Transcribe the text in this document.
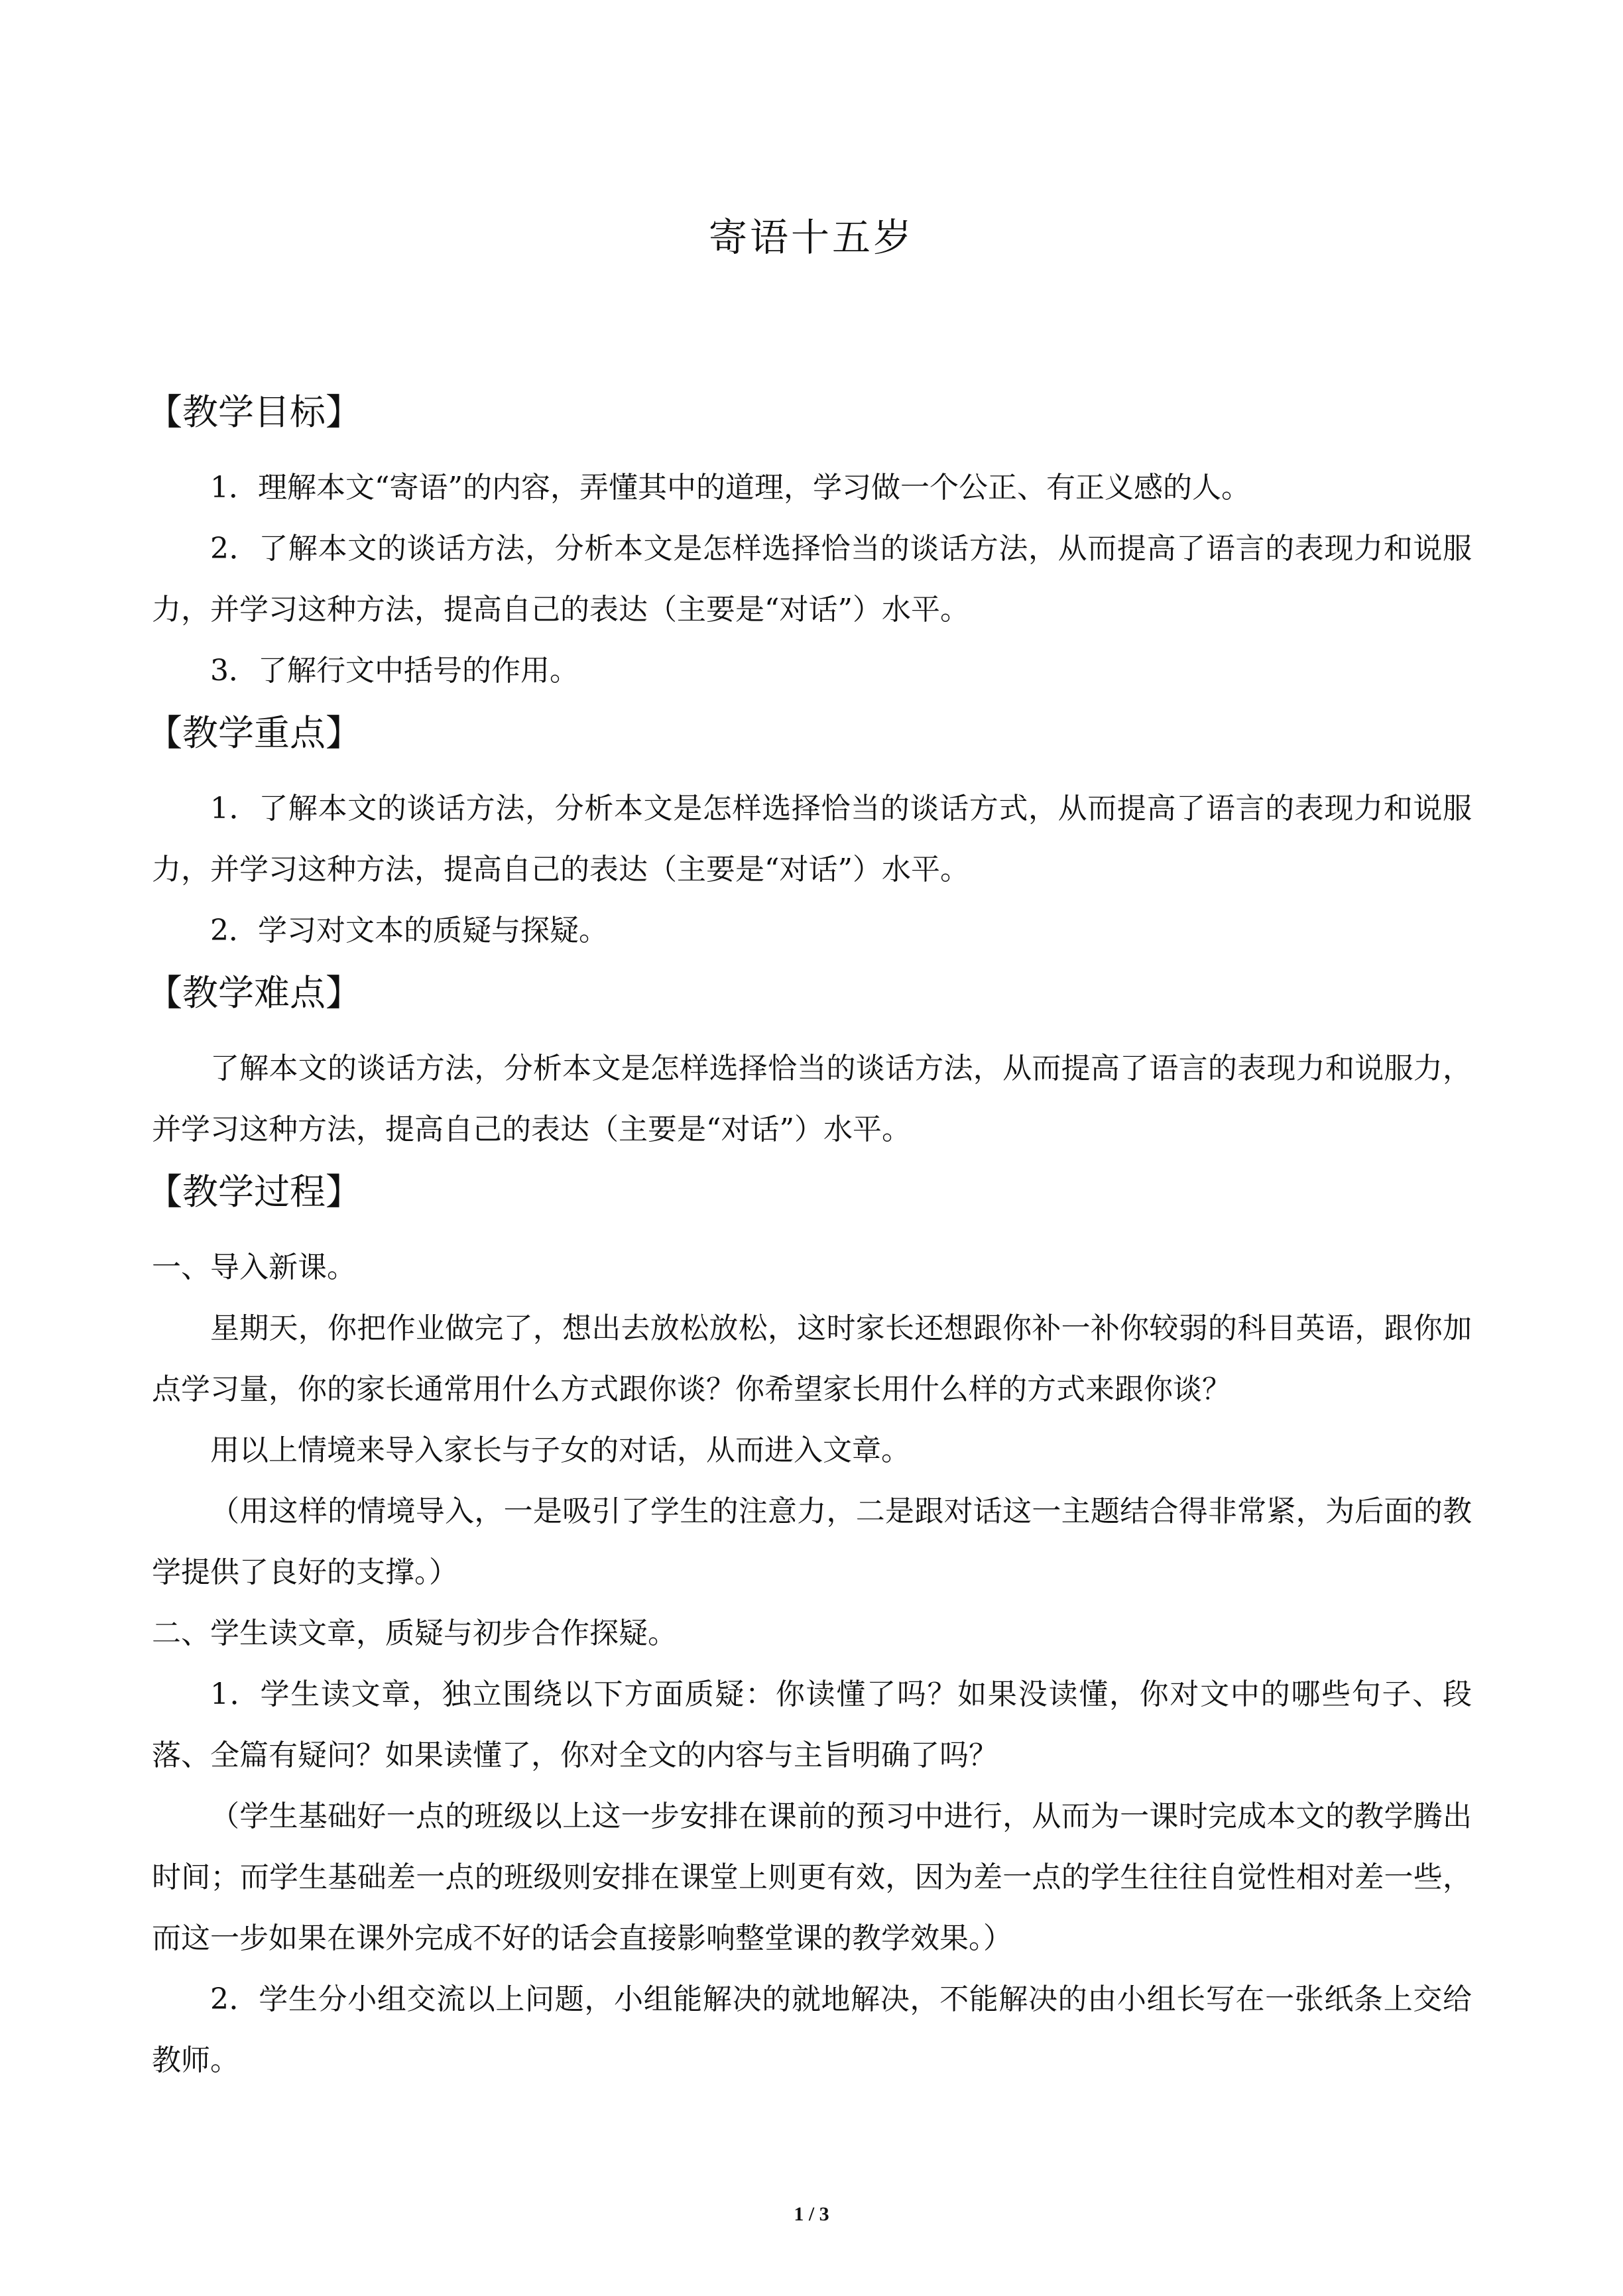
寄语十五岁
【教学目标】
1．理解本文“寄语”的内容，弄懂其中的道理，学习做一个公正、有正义感的人。
2．了解本文的谈话方法，分析本文是怎样选择恰当的谈话方法，从而提高了语言的表现力和说服力，并学习这种方法，提高自己的表达（主要是“对话”）水平。
3．了解行文中括号的作用。
【教学重点】
1．了解本文的谈话方法，分析本文是怎样选择恰当的谈话方式，从而提高了语言的表现力和说服力，并学习这种方法，提高自己的表达（主要是“对话”）水平。
2．学习对文本的质疑与探疑。
【教学难点】
了解本文的谈话方法，分析本文是怎样选择恰当的谈话方法，从而提高了语言的表现力和说服力，并学习这种方法，提高自己的表达（主要是“对话”）水平。
【教学过程】
一、导入新课。
星期天，你把作业做完了，想出去放松放松，这时家长还想跟你补一补你较弱的科目英语，跟你加点学习量，你的家长通常用什么方式跟你谈？你希望家长用什么样的方式来跟你谈？
用以上情境来导入家长与子女的对话，从而进入文章。
（用这样的情境导入，一是吸引了学生的注意力，二是跟对话这一主题结合得非常紧，为后面的教学提供了良好的支撑。）
二、学生读文章，质疑与初步合作探疑。
1．学生读文章，独立围绕以下方面质疑：你读懂了吗？如果没读懂，你对文中的哪些句子、段落、全篇有疑问？如果读懂了，你对全文的内容与主旨明确了吗？
（学生基础好一点的班级以上这一步安排在课前的预习中进行，从而为一课时完成本文的教学腾出时间；而学生基础差一点的班级则安排在课堂上则更有效，因为差一点的学生往往自觉性相对差一些，而这一步如果在课外完成不好的话会直接影响整堂课的教学效果。）
2．学生分小组交流以上问题，小组能解决的就地解决，不能解决的由小组长写在一张纸条上交给教师。
1 / 3
